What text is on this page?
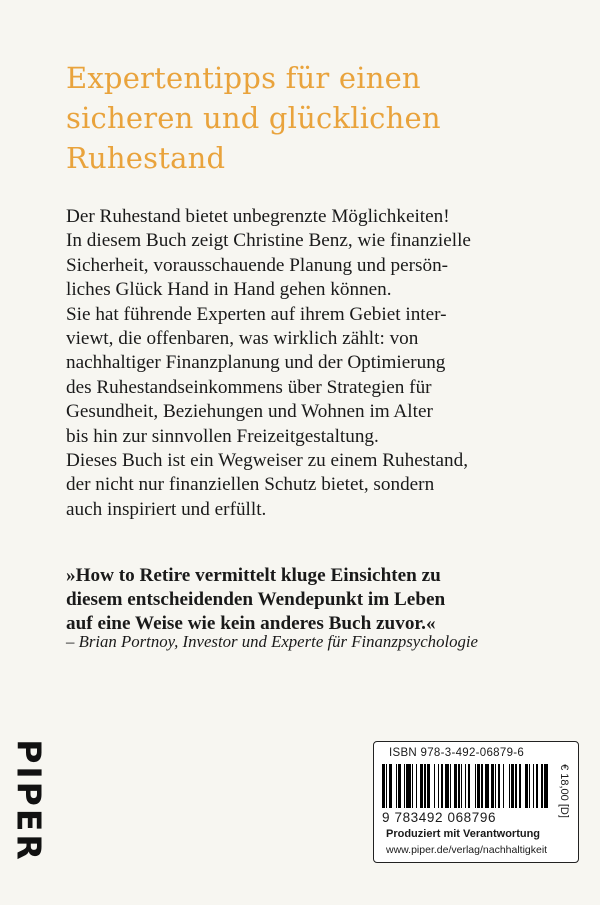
Expertentipps für einen
sicheren und glücklichen
Ruhestand
Der Ruhestand bietet unbegrenzte Möglichkeiten!
In diesem Buch zeigt Christine Benz, wie finanzielle
Sicherheit, vorausschauende Planung und persön-
liches Glück Hand in Hand gehen können.
Sie hat führende Experten auf ihrem Gebiet inter-
viewt, die offenbaren, was wirklich zählt: von
nachhaltiger Finanzplanung und der Optimierung
des Ruhestandseinkommens über Strategien für
Gesundheit, Beziehungen und Wohnen im Alter
bis hin zur sinnvollen Freizeitgestaltung.
Dieses Buch ist ein Wegweiser zu einem Ruhestand,
der nicht nur finanziellen Schutz bietet, sondern
auch inspiriert und erfüllt.
»How to Retire vermittelt kluge Einsichten zu
diesem entscheidenden Wendepunkt im Leben
auf eine Weise wie kein anderes Buch zuvor.«
– Brian Portnoy, Investor und Experte für Finanzpsychologie
PIPER	ISBN 978-3-492-06879-6
9 783492 068796	€ 18,00 [D]
Produziert mit Verantwortung
www.piper.de/verlag/nachhaltigkeit
